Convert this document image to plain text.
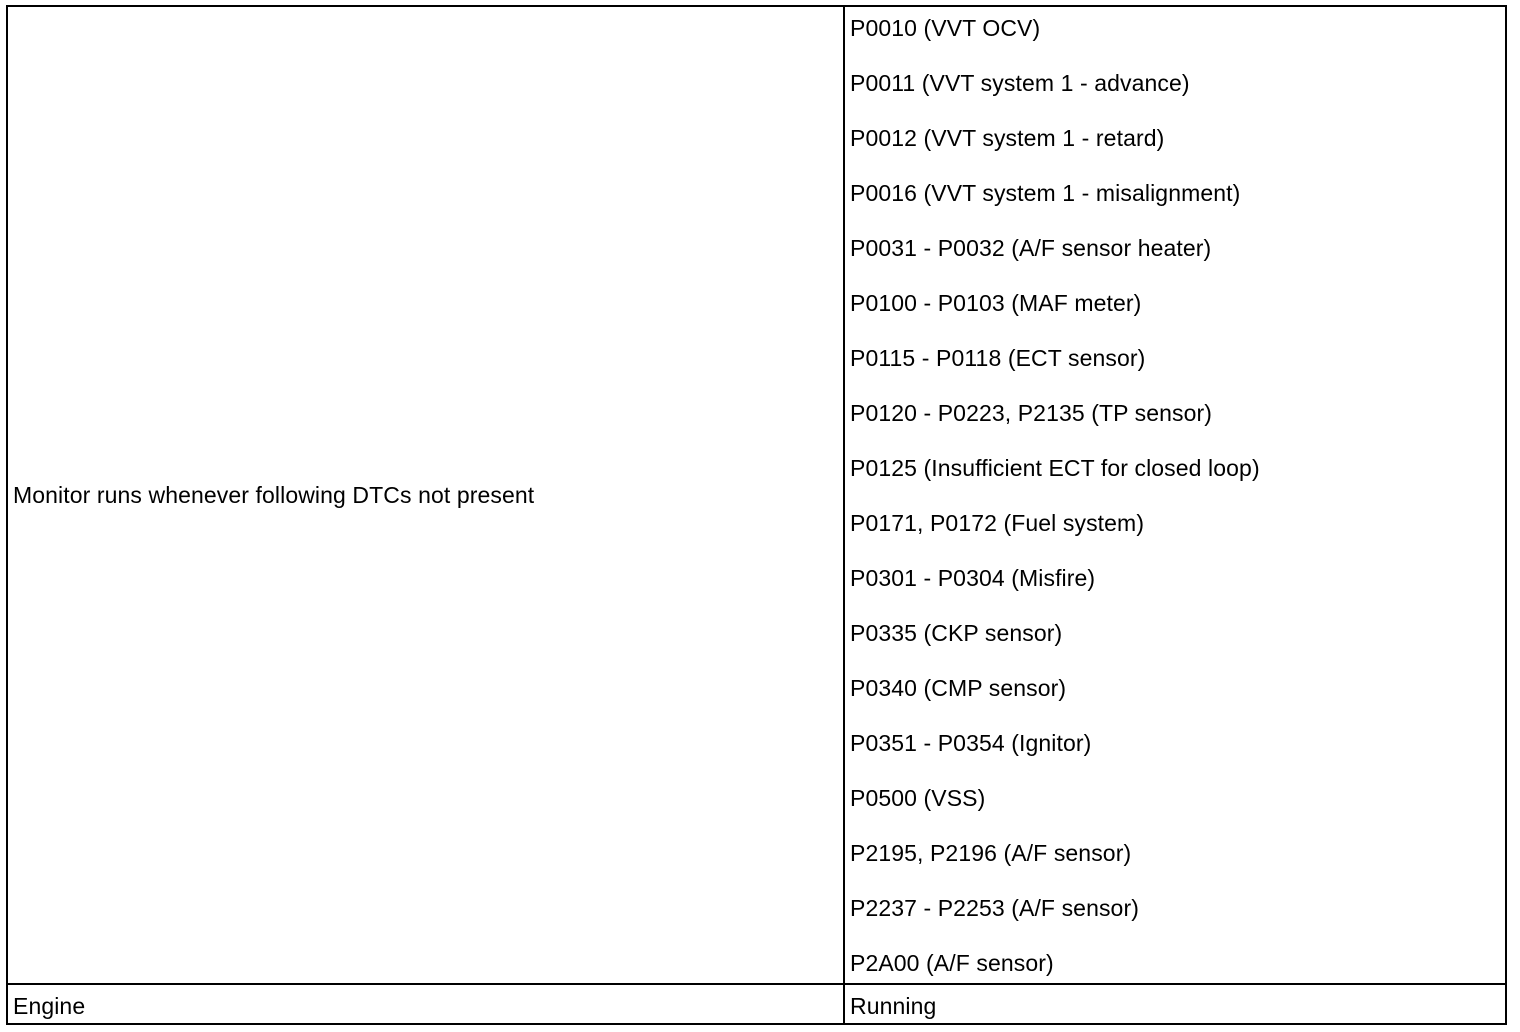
Monitor runs whenever following DTCs not present
P0010 (VVT OCV)
P0011 (VVT system 1 - advance)
P0012 (VVT system 1 - retard)
P0016 (VVT system 1 - misalignment)
P0031 - P0032 (A/F sensor heater)
P0100 - P0103 (MAF meter)
P0115 - P0118 (ECT sensor)
P0120 - P0223, P2135 (TP sensor)
P0125 (Insufficient ECT for closed loop)
P0171, P0172 (Fuel system)
P0301 - P0304 (Misfire)
P0335 (CKP sensor)
P0340 (CMP sensor)
P0351 - P0354 (Ignitor)
P0500 (VSS)
P2195, P2196 (A/F sensor)
P2237 - P2253 (A/F sensor)
P2A00 (A/F sensor)
Engine	Running
